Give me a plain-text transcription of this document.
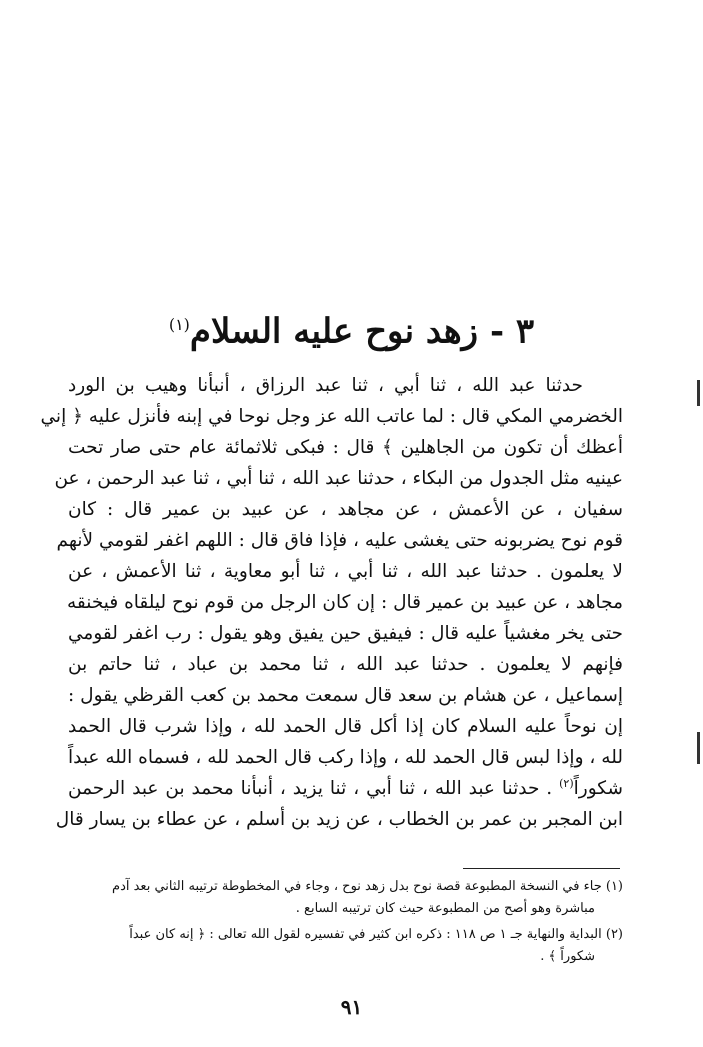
٣ - زهد نوح عليه السلام$^{(١)}$
حدثنا عبد الله ، ثنا أبي ، ثنا عبد الرزاق ، أنبأنا وهيب بن الورد
الخضرمي المكي قال : لما عاتب الله عز وجل نوحا في إبنه فأنزل عليه ﴿ إني
أعظك أن تكون من الجاهلين ﴾ قال : فبكى ثلاثمائة عام حتى صار تحت
عينيه مثل الجدول من البكاء ، حدثنا عبد الله ، ثنا أبي ، ثنا عبد الرحمن ، عن
سفيان ، عن الأعمش ، عن مجاهد ، عن عبيد بن عمير قال : كان
قوم نوح يضربونه حتى يغشى عليه ، فإذا فاق قال : اللهم اغفر لقومي لأنهم
لا يعلمون . حدثنا عبد الله ، ثنا أبي ، ثنا أبو معاوية ، ثنا الأعمش ، عن
مجاهد ، عن عبيد بن عمير قال : إن كان الرجل من قوم نوح ليلقاه فيخنقه
حتى يخر مغشياً عليه قال : فيفيق حين يفيق وهو يقول : رب اغفر لقومي
فإنهم لا يعلمون . حدثنا عبد الله ، ثنا محمد بن عباد ، ثنا حاتم بن
إسماعيل ، عن هشام بن سعد قال سمعت محمد بن كعب القرظي يقول :
إن نوحاً عليه السلام كان إذا أكل قال الحمد لله ، وإذا شرب قال الحمد
لله ، وإذا لبس قال الحمد لله ، وإذا ركب قال الحمد لله ، فسماه الله عبداً
شكوراً$^{(٢)}$ . حدثنا عبد الله ، ثنا أبي ، ثنا يزيد ، أنبأنا محمد بن عبد الرحمن
ابن المجبر بن عمر بن الخطاب ، عن زيد بن أسلم ، عن عطاء بن يسار قال
(١) جاء في النسخة المطبوعة قصة نوح بدل زهد نوح ، وجاء في المخطوطة ترتيبه الثاني بعد آدم
مباشرة وهو أصح من المطبوعة حيث كان ترتيبه السابع .
(٢) البداية والنهاية جـ ١ ص ١١٨ : ذكره ابن كثير في تفسيره لقول الله تعالى : ﴿ إنه كان عبداً
شكوراً ﴾ .
٩١
